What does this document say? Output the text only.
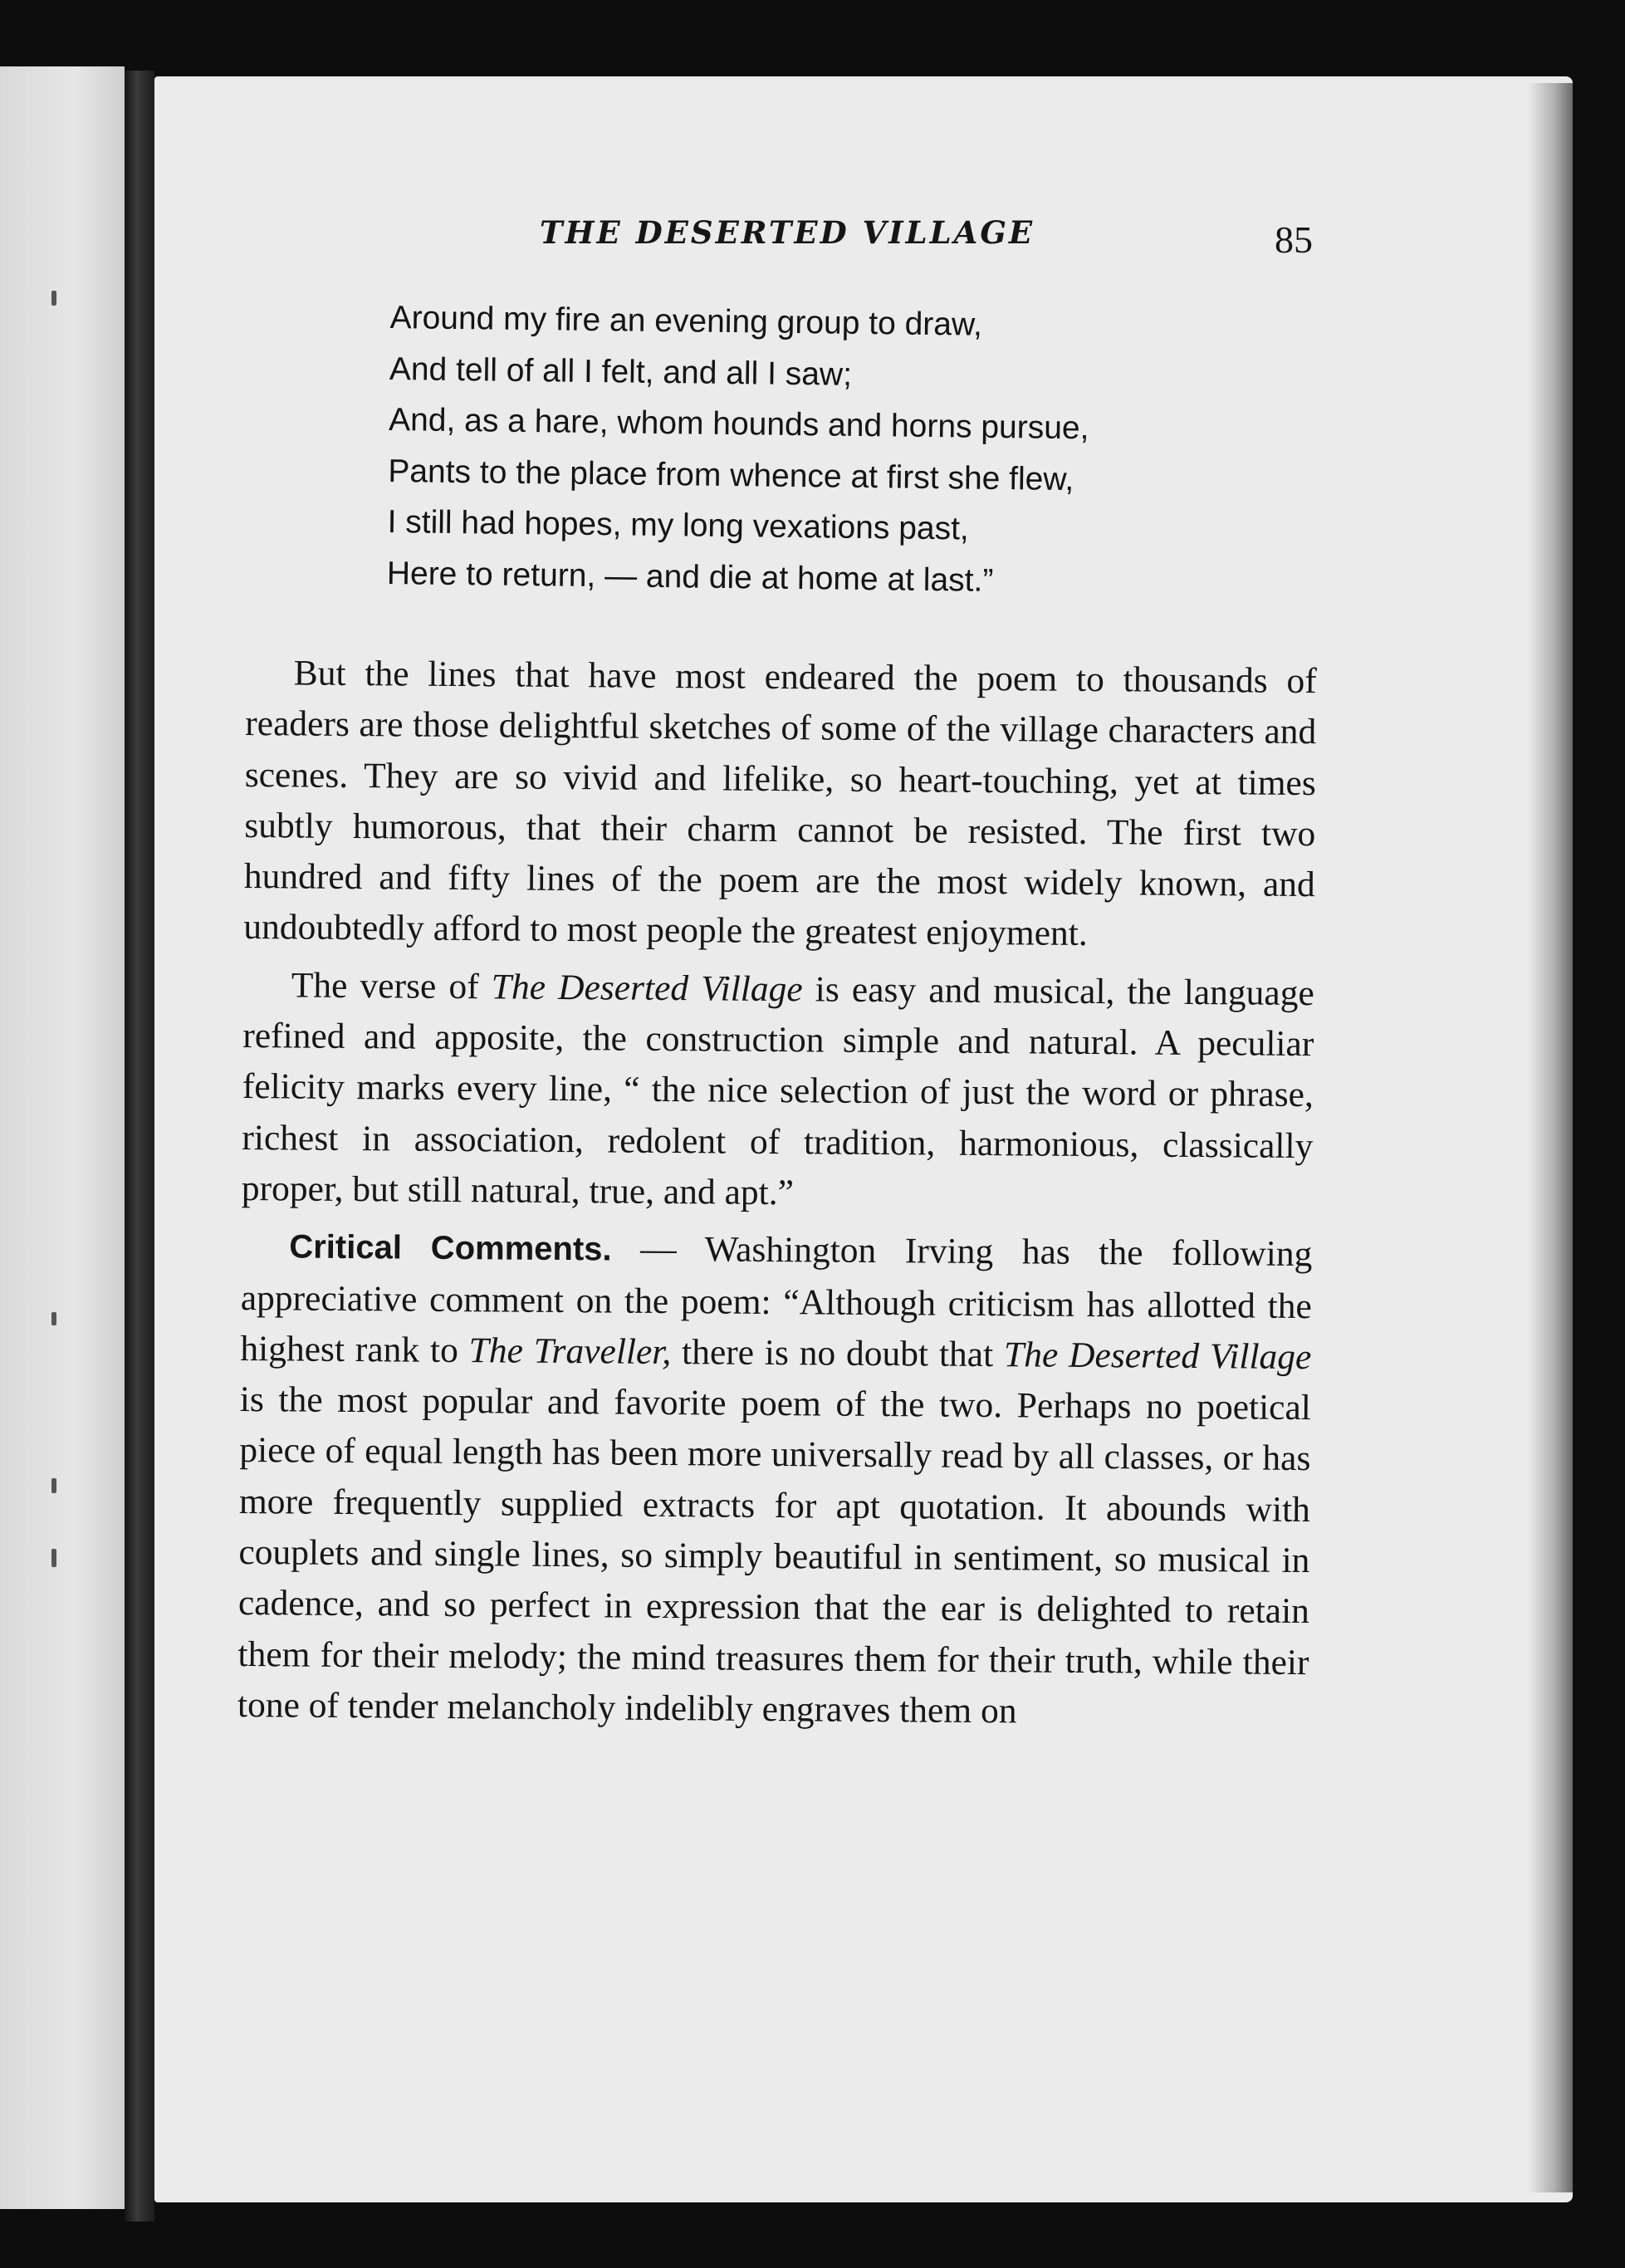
THE DESERTED VILLAGE	85
Around my fire an evening group to draw,
And tell of all I felt, and all I saw;
And, as a hare, whom hounds and horns pursue,
Pants to the place from whence at first she flew,
I still had hopes, my long vexations past,
Here to return, — and die at home at last.”

But the lines that have most endeared the poem to thousands of readers are those delightful sketches of some of the village characters and scenes. They are so vivid and lifelike, so heart-touching, yet at times subtly humorous, that their charm cannot be resisted. The first two hundred and fifty lines of the poem are the most widely known, and undoubtedly afford to most people the greatest enjoyment.

The verse of The Deserted Village is easy and musical, the language refined and apposite, the construction simple and natural. A peculiar felicity marks every line, “ the nice selection of just the word or phrase, richest in association, redolent of tradition, harmonious, classically proper, but still natural, true, and apt.”

Critical Comments. — Washington Irving has the following appreciative comment on the poem: “Although criticism has allotted the highest rank to The Traveller, there is no doubt that The Deserted Village is the most popular and favorite poem of the two. Perhaps no poetical piece of equal length has been more universally read by all classes, or has more frequently supplied extracts for apt quotation. It abounds with couplets and single lines, so simply beautiful in sentiment, so musical in cadence, and so perfect in expression that the ear is delighted to retain them for their melody; the mind treasures them for their truth, while their tone of tender melancholy indelibly engraves them on
